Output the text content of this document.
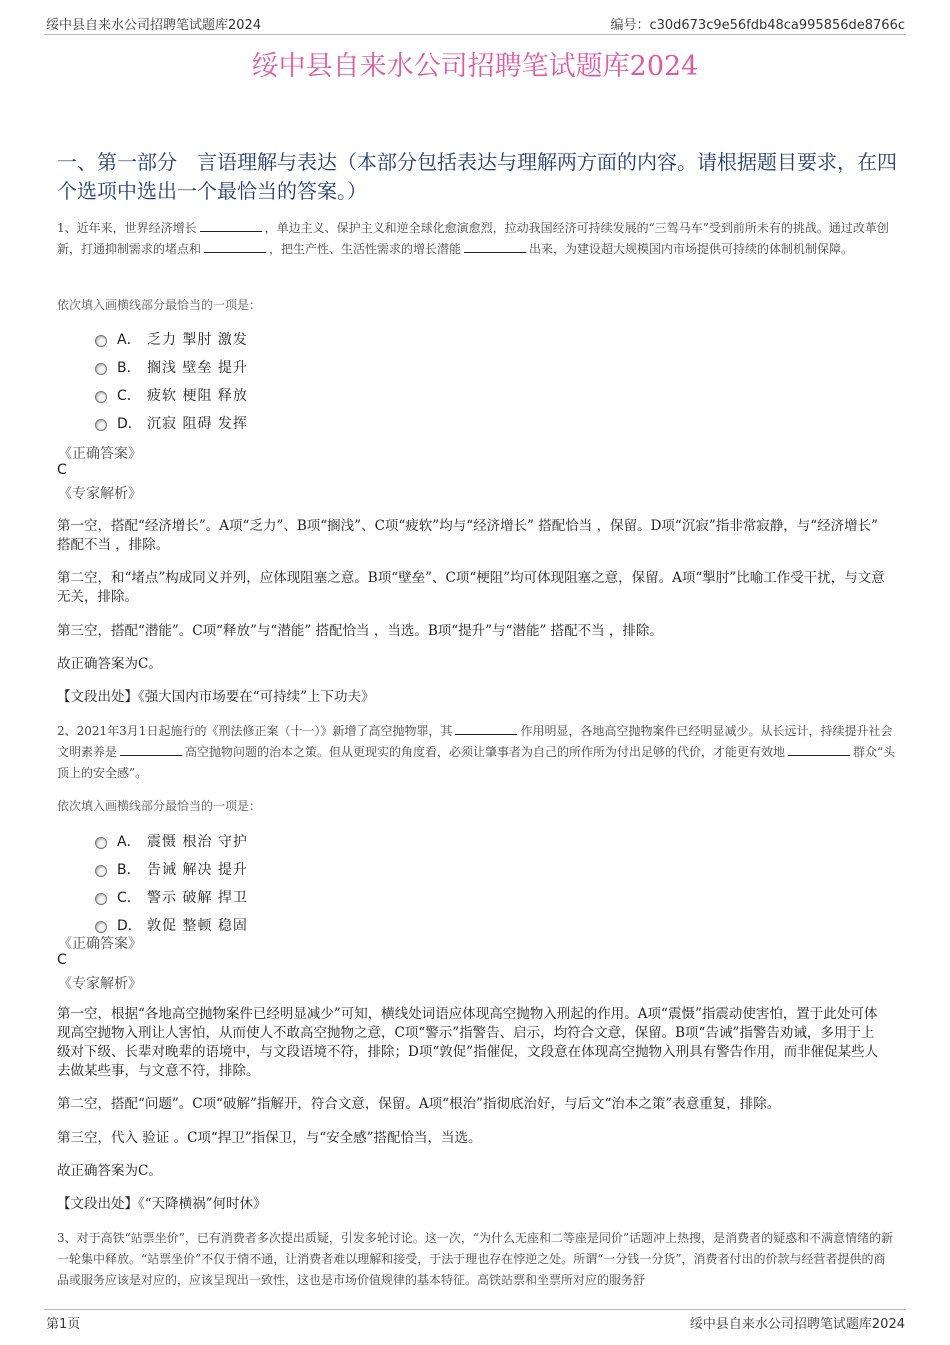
绥中县自来水公司招聘笔试题库2024	编号：c30d673c9e56fdb48ca995856de8766c
绥中县自来水公司招聘笔试题库2024
一、第一部分　言语理解与表达（本部分包括表达与理解两方面的内容。请根据题目要求，在四个选项中选出一个最恰当的答案。）
1、近年来，世界经济增长	，单边主义、保护主义和逆全球化愈演愈烈，拉动我国经济可持续发展的“三驾马车”受到前所未有的挑战。通过改革创新，打通抑制需求的堵点和	，把生产性、生活性需求的增长潜能	出来，为建设超大规模国内市场提供可持续的体制机制保障。
依次填入画横线部分最恰当的一项是：
A． 乏力 掣肘 激发
B． 搁浅 壁垒 提升
C． 疲软 梗阻 释放
D． 沉寂 阻碍 发挥
《正确答案》
C
《专家解析》
第一空，搭配“经济增长”。A项“乏力”、B项“搁浅”、C项“疲软”均与“经济增长” 搭配恰当 ，保留。D项“沉寂”指非常寂静，与“经济增长” 搭配不当 ，排除。
第二空，和“堵点”构成同义并列，应体现阻塞之意。B项“壁垒”、C项“梗阻”均可体现阻塞之意，保留。A项“掣肘”比喻工作受干扰，与文意无关，排除。
第三空，搭配“潜能”。C项“释放”与“潜能” 搭配恰当 ，当选。B项“提升”与“潜能” 搭配不当 ，排除。
故正确答案为C。
【文段出处】《强大国内市场要在“可持续”上下功夫》
2、2021年3月1日起施行的《刑法修正案（十一）》新增了高空抛物罪，其	作用明显，各地高空抛物案件已经明显减少。从长远计，持续提升社会文明素养是	高空抛物问题的治本之策。但从更现实的角度看，必须让肇事者为自己的所作所为付出足够的代价，才能更有效地	群众“头顶上的安全感”。
依次填入画横线部分最恰当的一项是：
A． 震慑 根治 守护
B． 告诫 解决 提升
C． 警示 破解 捍卫
D． 敦促 整顿 稳固
《正确答案》
C
《专家解析》
第一空，根据“各地高空抛物案件已经明显减少”可知，横线处词语应体现高空抛物入刑起的作用。A项“震慑”指震动使害怕，置于此处可体现高空抛物入刑让人害怕，从而使人不敢高空抛物之意，C项“警示”指警告、启示，均符合文意，保留。B项“告诫”指警告劝诫，多用于上级对下级、长辈对晚辈的语境中，与文段语境不符，排除；D项“敦促”指催促，文段意在体现高空抛物入刑具有警告作用，而非催促某些人去做某些事，与文意不符，排除。
第二空，搭配“问题”。C项“破解”指解开，符合文意，保留。A项“根治”指彻底治好，与后文“治本之策”表意重复，排除。
第三空，代入 验证 。C项“捍卫”指保卫，与“安全感”搭配恰当，当选。
故正确答案为C。
【文段出处】《“天降横祸”何时休》
3、对于高铁“站票坐价”，已有消费者多次提出质疑，引发多轮讨论。这一次，“为什么无座和二等座是同价”话题冲上热搜，是消费者的疑惑和不满意情绪的新一轮集中释放。“站票坐价”不仅于情不通，让消费者难以理解和接受，于法于理也存在悖逆之处。所谓“一分钱一分货”，消费者付出的价款与经营者提供的商品或服务应该是对应的，应该呈现出一致性，这也是市场价值规律的基本特征。高铁站票和坐票所对应的服务舒
第1页	绥中县自来水公司招聘笔试题库2024
